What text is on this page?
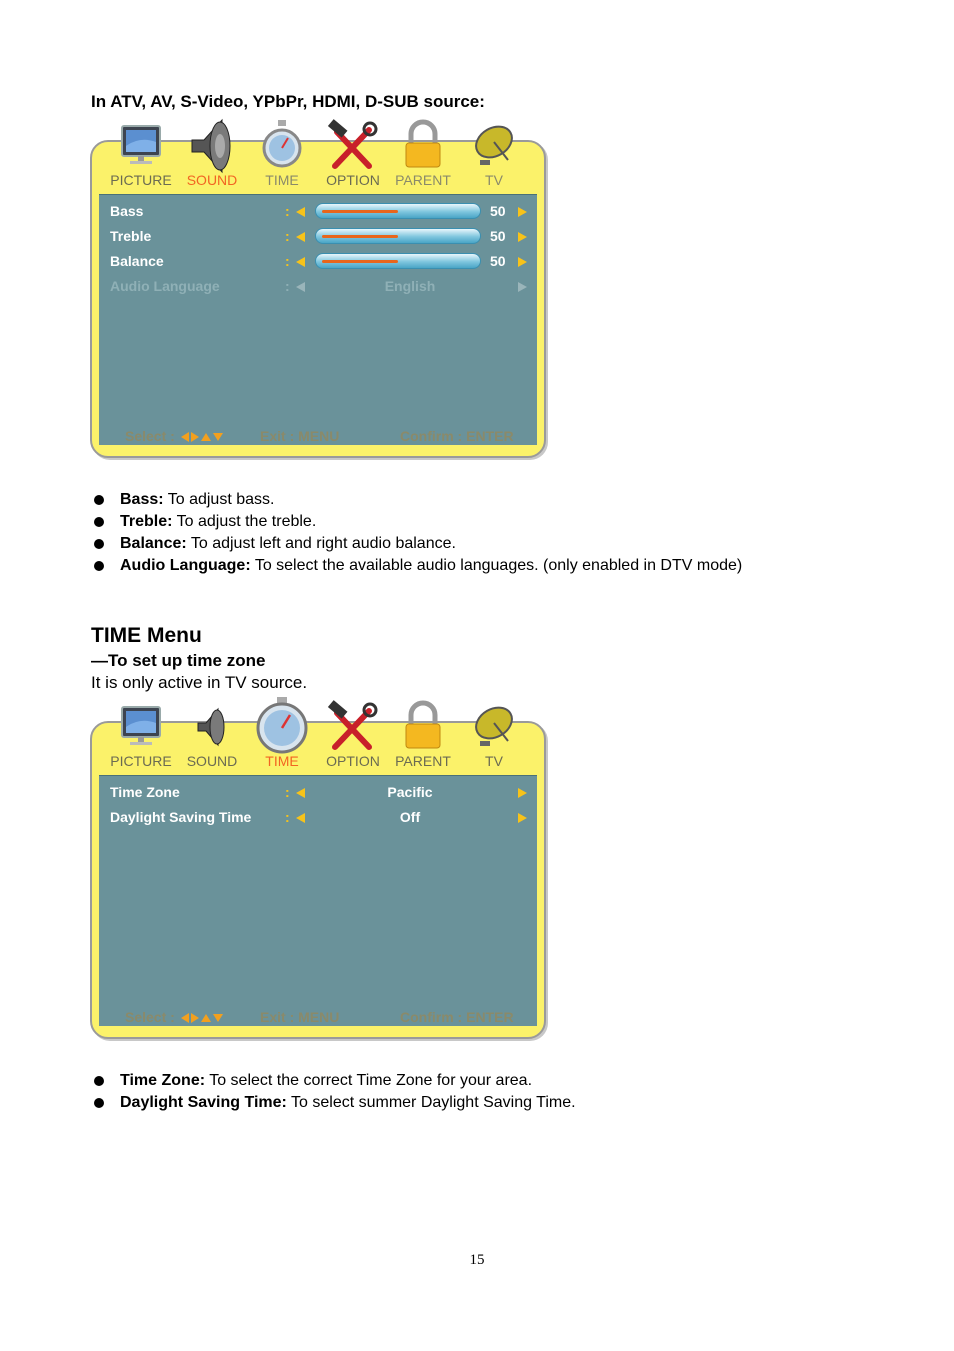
In ATV, AV, S-Video, YPbPr, HDMI, D-SUB source:
PICTURE	SOUND	TIME	OPTION	PARENT	TV
Bass	:	50
Treble	:	50
Balance	:	50
Audio Language	:	English
Select :	Exit : MENU	Confirm : ENTER
Bass: To adjust bass.
Treble: To adjust the treble.
Balance: To adjust left and right audio balance.
Audio Language: To select the available audio languages. (only enabled in DTV mode)
TIME Menu
—To set up time zone
It is only active in TV source.
PICTURE	SOUND	TIME	OPTION	PARENT	TV
Time Zone	:	Pacific
Daylight Saving Time :	Off
Select :	Exit : MENU	Confirm : ENTER
Time Zone: To select the correct Time Zone for your area.
Daylight Saving Time: To select summer Daylight Saving Time.
15
